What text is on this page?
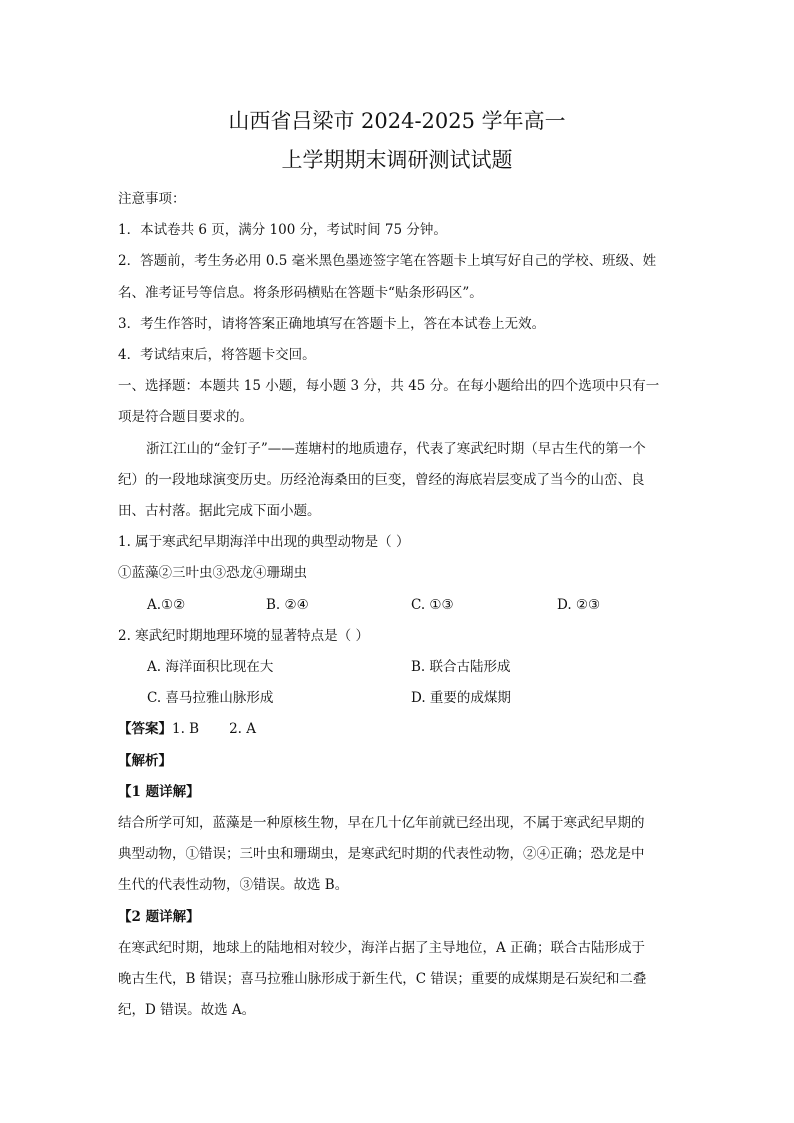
山西省吕梁市 2024-2025 学年高一
上学期期末调研测试试题

注意事项：

1．本试卷共 6 页，满分 100 分，考试时间 75 分钟。

2．答题前，考生务必用 0.5 毫米黑色墨迹签字笔在答题卡上填写好自己的学校、班级、姓

名、准考证号等信息。将条形码横贴在答题卡“贴条形码区”。

3．考生作答时，请将答案正确地填写在答题卡上，答在本试卷上无效。

4．考试结束后，将答题卡交回。

一、选择题：本题共 15 小题，每小题 3 分，共 45 分。在每小题给出的四个选项中只有一

项是符合题目要求的。

浙江江山的“金钉子”——莲塘村的地质遗存，代表了寒武纪时期（早古生代的第一个

纪）的一段地球演变历史。历经沧海桑田的巨变，曾经的海底岩层变成了当今的山峦、良

田、古村落。据此完成下面小题。

1. 属于寒武纪早期海洋中出现的典型动物是（ ）

①蓝藻②三叶虫③恐龙④珊瑚虫

A.①②	B. ②④	C. ①③	D. ②③

2. 寒武纪时期地理环境的显著特点是（ ）

A. 海洋面积比现在大	B. 联合古陆形成

C. 喜马拉雅山脉形成	D. 重要的成煤期

【答案】1. B 2. A

【解析】

【1 题详解】

结合所学可知，蓝藻是一种原核生物，早在几十亿年前就已经出现，不属于寒武纪早期的

典型动物，①错误；三叶虫和珊瑚虫，是寒武纪时期的代表性动物，②④正确；恐龙是中

生代的代表性动物，③错误。故选 B。

【2 题详解】

在寒武纪时期，地球上的陆地相对较少，海洋占据了主导地位，A 正确；联合古陆形成于

晚古生代，B 错误；喜马拉雅山脉形成于新生代，C 错误；重要的成煤期是石炭纪和二叠

纪，D 错误。故选 A。
